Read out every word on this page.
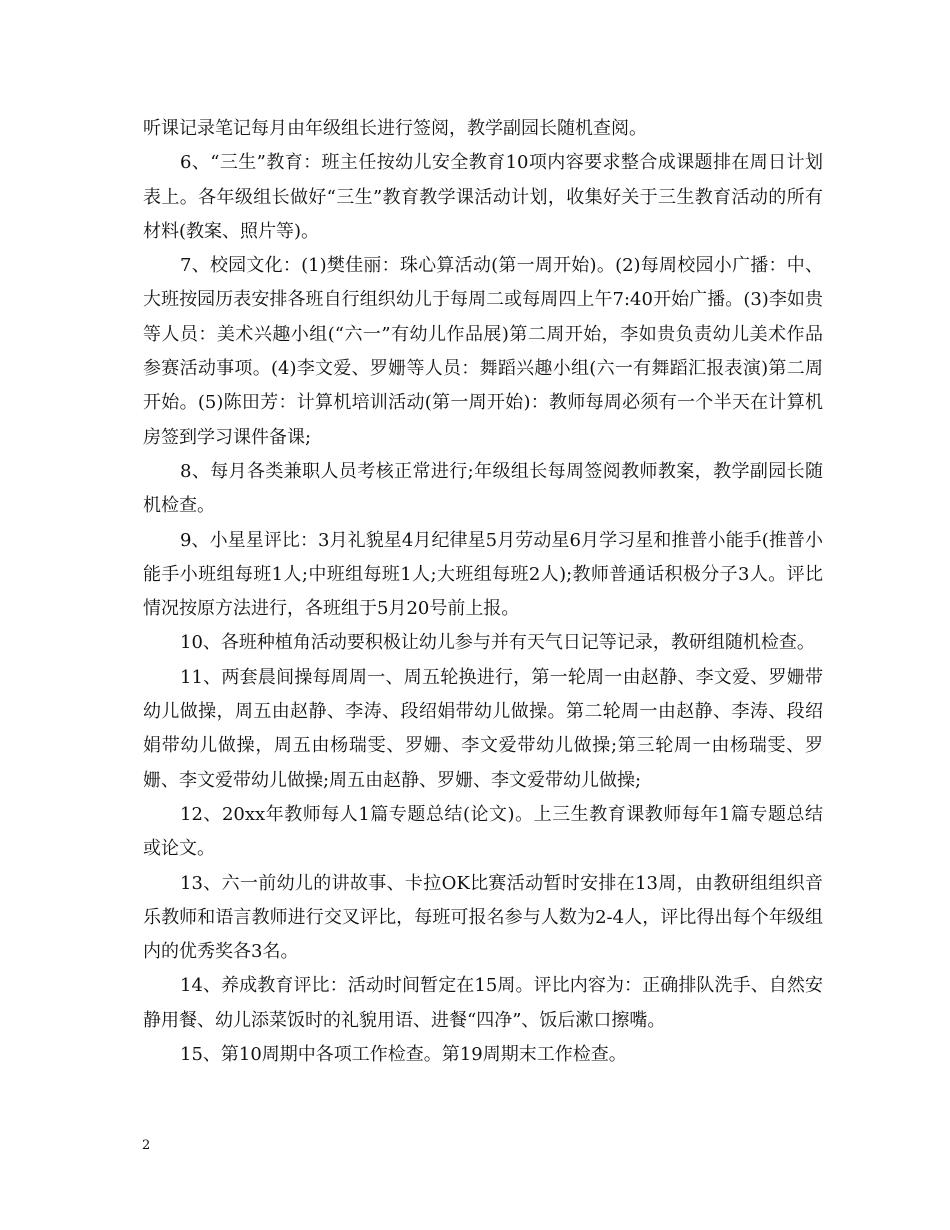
听课记录笔记每月由年级组长进行签阅，教学副园长随机查阅。

6、“三生”教育：班主任按幼儿安全教育10项内容要求整合成课题排在周日计划表上。各年级组长做好“三生”教育教学课活动计划，收集好关于三生教育活动的所有材料(教案、照片等)。

7、校园文化：(1)樊佳丽：珠心算活动(第一周开始)。(2)每周校园小广播：中、大班按园历表安排各班自行组织幼儿于每周二或每周四上午7:40开始广播。(3)李如贵等人员：美术兴趣小组(“六一”有幼儿作品展)第二周开始，李如贵负责幼儿美术作品参赛活动事项。(4)李文爱、罗姗等人员：舞蹈兴趣小组(六一有舞蹈汇报表演)第二周开始。(5)陈田芳：计算机培训活动(第一周开始)：教师每周必须有一个半天在计算机房签到学习课件备课;

8、每月各类兼职人员考核正常进行;年级组长每周签阅教师教案，教学副园长随机检查。

9、小星星评比：3月礼貌星4月纪律星5月劳动星6月学习星和推普小能手(推普小能手小班组每班1人;中班组每班1人;大班组每班2人);教师普通话积极分子3人。评比情况按原方法进行，各班组于5月20号前上报。

10、各班种植角活动要积极让幼儿参与并有天气日记等记录，教研组随机检查。

11、两套晨间操每周周一、周五轮换进行，第一轮周一由赵静、李文爱、罗姗带幼儿做操，周五由赵静、李涛、段绍娟带幼儿做操。第二轮周一由赵静、李涛、段绍娟带幼儿做操，周五由杨瑞雯、罗姗、李文爱带幼儿做操;第三轮周一由杨瑞雯、罗姗、李文爱带幼儿做操;周五由赵静、罗姗、李文爱带幼儿做操;

12、20xx年教师每人1篇专题总结(论文)。上三生教育课教师每年1篇专题总结或论文。

13、六一前幼儿的讲故事、卡拉OK比赛活动暂时安排在13周，由教研组组织音乐教师和语言教师进行交叉评比，每班可报名参与人数为2-4人，评比得出每个年级组内的优秀奖各3名。

14、养成教育评比：活动时间暂定在15周。评比内容为：正确排队洗手、自然安静用餐、幼儿添菜饭时的礼貌用语、进餐“四净”、饭后漱口擦嘴。

15、第10周期中各项工作检查。第19周期末工作检查。

2
